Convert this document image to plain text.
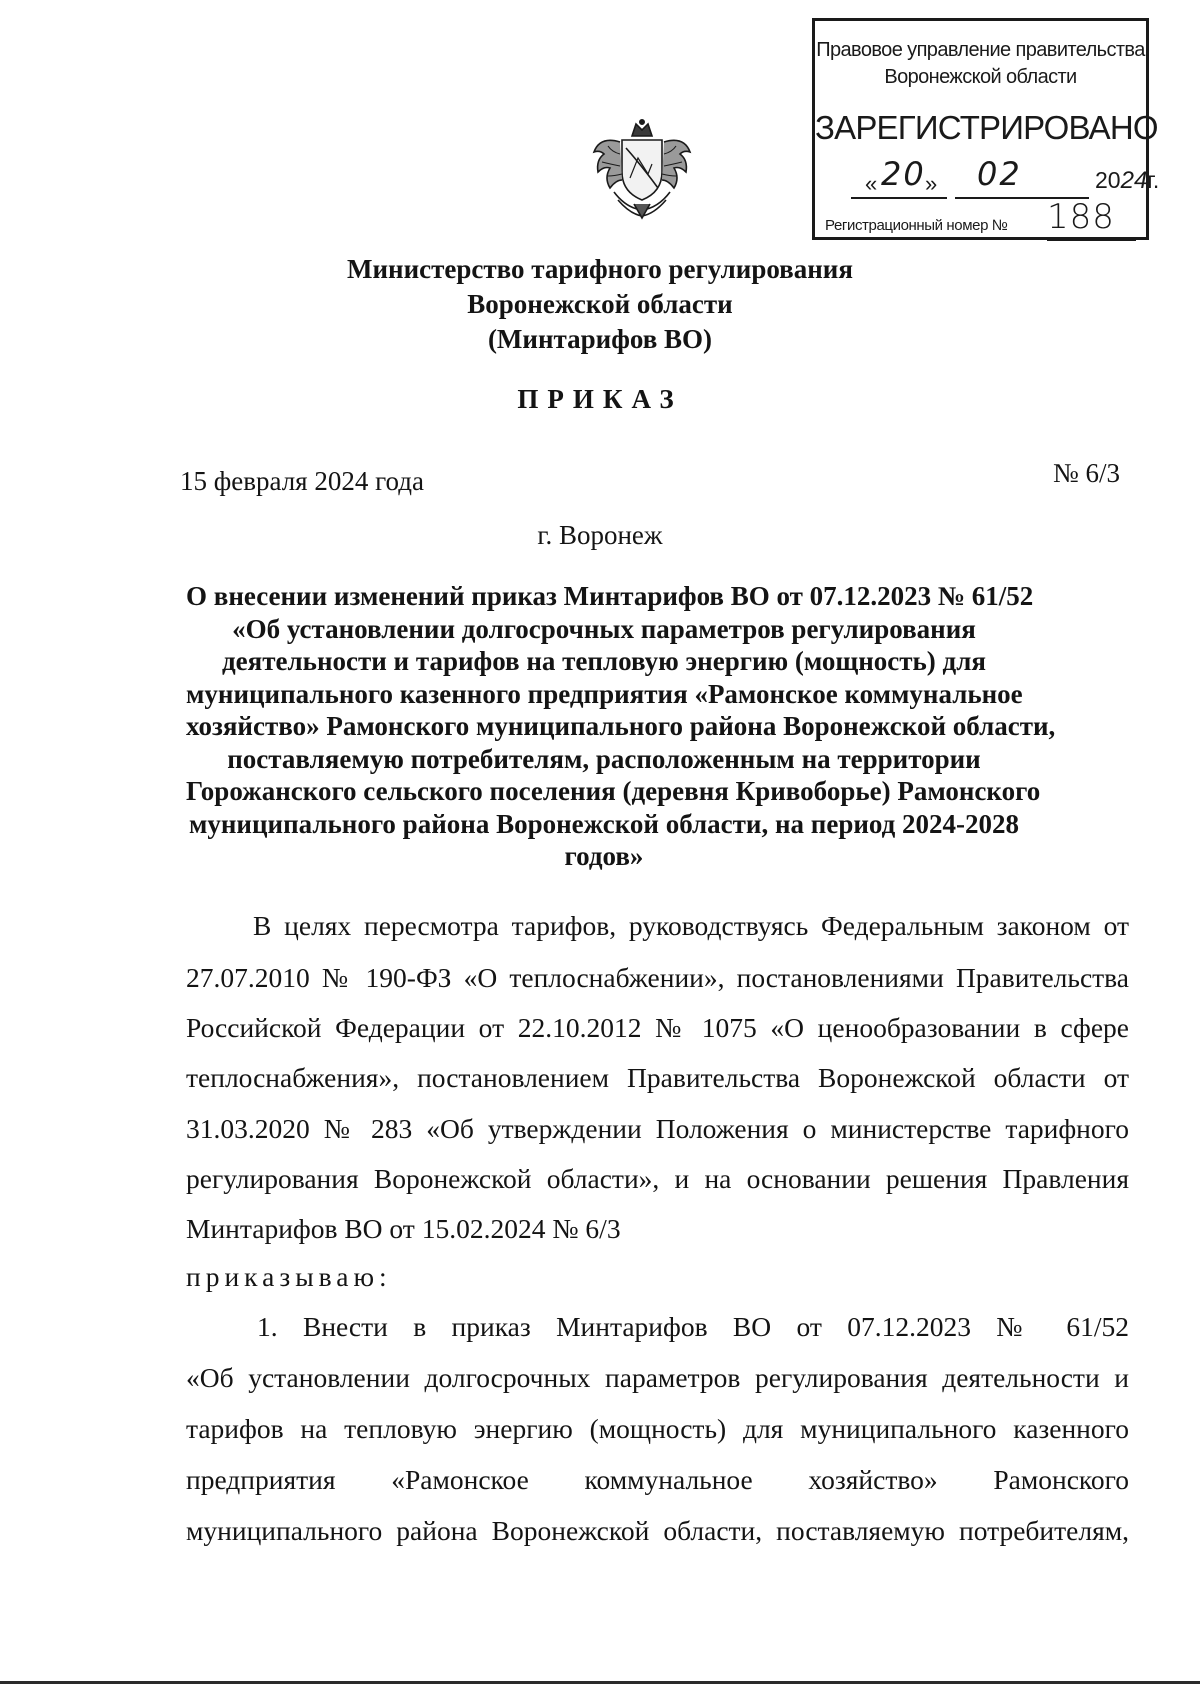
Правовое управление правительства
Воронежской области
ЗАРЕГИСТРИРОВАНО
« 20 » 02	2024г.
Регистрационный номер № 188
Министерство тарифного регулирования
Воронежской области
(Минтарифов ВО)
ПРИКАЗ
15 февраля 2024 года	№ 6/3
г. Воронеж
О внесении изменений приказ Минтарифов ВО от 07.12.2023 № 61/52
«Об установлении долгосрочных параметров регулирования
деятельности и тарифов на тепловую энергию (мощность) для
муниципального казенного предприятия «Рамонское коммунальное
хозяйство» Рамонского муниципального района Воронежской области,
поставляемую потребителям, расположенным на территории
Горожанского сельского поселения (деревня Кривоборье) Рамонского
муниципального района Воронежской области, на период 2024-2028
годов»
В целях пересмотра тарифов, руководствуясь Федеральным законом от
27.07.2010 № 190-ФЗ «О теплоснабжении», постановлениями Правительства
Российской Федерации от 22.10.2012 № 1075 «О ценообразовании в сфере
теплоснабжения», постановлением Правительства Воронежской области от
31.03.2020 № 283 «Об утверждении Положения о министерстве тарифного
регулирования Воронежской области», и на основании решения Правления
Минтарифов ВО от 15.02.2024 № 6/3
приказываю:
1. Внести в приказ Минтарифов ВО от 07.12.2023 № 61/52
«Об установлении долгосрочных параметров регулирования деятельности и
тарифов на тепловую энергию (мощность) для муниципального казенного
предприятия «Рамонское коммунальное хозяйство» Рамонского
муниципального района Воронежской области, поставляемую потребителям,
